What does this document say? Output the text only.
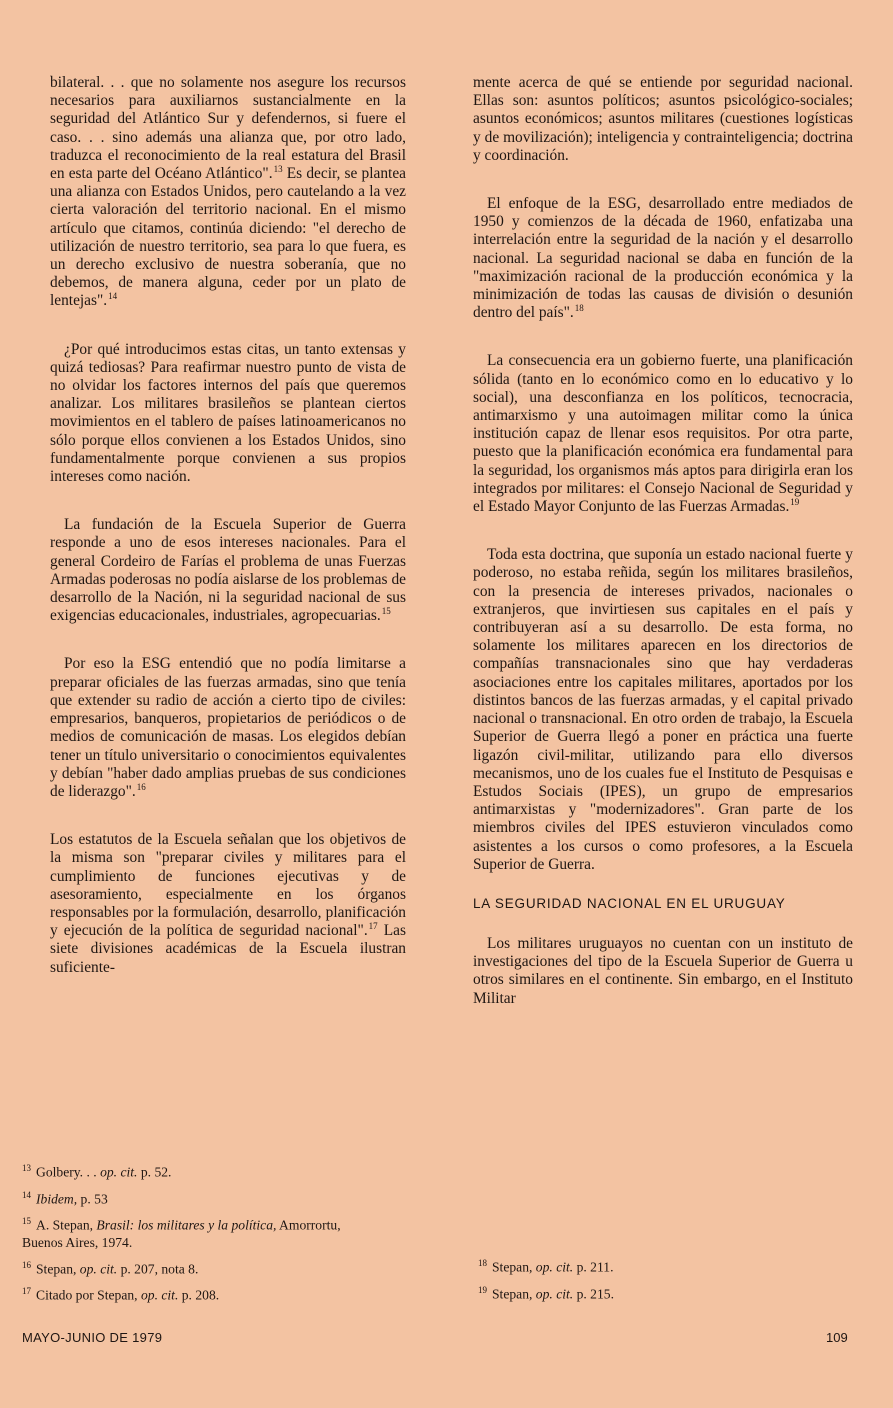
bilateral. . . que no solamente nos asegure los recursos necesarios para auxiliarnos sustancialmente en la seguridad del Atlántico Sur y defendernos, si fuere el caso. . . sino además una alianza que, por otro lado, traduzca el reconocimiento de la real estatura del Brasil en esta parte del Océano Atlántico".$^{13}$ Es decir, se plantea una alianza con Estados Unidos, pero cautelando a la vez cierta valoración del territorio nacional. En el mismo artículo que citamos, continúa diciendo: "el derecho de utilización de nuestro territorio, sea para lo que fuera, es un derecho exclusivo de nuestra soberanía, que no debemos, de manera alguna, ceder por un plato de lentejas".$^{14}$

¿Por qué introducimos estas citas, un tanto extensas y quizá tediosas? Para reafirmar nuestro punto de vista de no olvidar los factores internos del país que queremos analizar. Los militares brasileños se plantean ciertos movimientos en el tablero de países latinoamericanos no sólo porque ellos convienen a los Estados Unidos, sino fundamentalmente porque convienen a sus propios intereses como nación.

La fundación de la Escuela Superior de Guerra responde a uno de esos intereses nacionales. Para el general Cordeiro de Farías el problema de unas Fuerzas Armadas poderosas no podía aislarse de los problemas de desarrollo de la Nación, ni la seguridad nacional de sus exigencias educacionales, industriales, agropecuarias.$^{15}$

Por eso la ESG entendió que no podía limitarse a preparar oficiales de las fuerzas armadas, sino que tenía que extender su radio de acción a cierto tipo de civiles: empresarios, banqueros, propietarios de periódicos o de medios de comunicación de masas. Los elegidos debían tener un título universitario o conocimientos equivalentes y debían "haber dado amplias pruebas de sus condiciones de liderazgo".$^{16}$

Los estatutos de la Escuela señalan que los objetivos de la misma son "preparar civiles y militares para el cumplimiento de funciones ejecutivas y de asesoramiento, especialmente en los órganos responsables por la formulación, desarrollo, planificación y ejecución de la política de seguridad nacional".$^{17}$ Las siete divisiones académicas de la Escuela ilustran suficiente-

mente acerca de qué se entiende por seguridad nacional. Ellas son: asuntos políticos; asuntos psicológico-sociales; asuntos económicos; asuntos militares (cuestiones logísticas y de movilización); inteligencia y contrainteligencia; doctrina y coordinación.

El enfoque de la ESG, desarrollado entre mediados de 1950 y comienzos de la década de 1960, enfatizaba una interrelación entre la seguridad de la nación y el desarrollo nacional. La seguridad nacional se daba en función de la "maximización racional de la producción económica y la minimización de todas las causas de división o desunión dentro del país".$^{18}$

La consecuencia era un gobierno fuerte, una planificación sólida (tanto en lo económico como en lo educativo y lo social), una desconfianza en los políticos, tecnocracia, antimarxismo y una autoimagen militar como la única institución capaz de llenar esos requisitos. Por otra parte, puesto que la planificación económica era fundamental para la seguridad, los organismos más aptos para dirigirla eran los integrados por militares: el Consejo Nacional de Seguridad y el Estado Mayor Conjunto de las Fuerzas Armadas.$^{19}$

Toda esta doctrina, que suponía un estado nacional fuerte y poderoso, no estaba reñida, según los militares brasileños, con la presencia de intereses privados, nacionales o extranjeros, que invirtiesen sus capitales en el país y contribuyeran así a su desarrollo. De esta forma, no solamente los militares aparecen en los directorios de compañías transnacionales sino que hay verdaderas asociaciones entre los capitales militares, aportados por los distintos bancos de las fuerzas armadas, y el capital privado nacional o transnacional. En otro orden de trabajo, la Escuela Superior de Guerra llegó a poner en práctica una fuerte ligazón civil-militar, utilizando para ello diversos mecanismos, uno de los cuales fue el Instituto de Pesquisas e Estudos Sociais (IPES), un grupo de empresarios antimarxistas y "modernizadores". Gran parte de los miembros civiles del IPES estuvieron vinculados como asistentes a los cursos o como profesores, a la Escuela Superior de Guerra.

LA SEGURIDAD NACIONAL EN EL URUGUAY

Los militares uruguayos no cuentan con un instituto de investigaciones del tipo de la Escuela Superior de Guerra u otros similares en el continente. Sin embargo, en el Instituto Militar

$^{13}$ Golbery. . . op. cit. p. 52.
$^{14}$ Ibidem, p. 53
$^{15}$ A. Stepan, Brasil: los militares y la política, Amorrortu, Buenos Aires, 1974.
$^{16}$ Stepan, op. cit. p. 207, nota 8.
$^{17}$ Citado por Stepan, op. cit. p. 208.
$^{18}$ Stepan, op. cit. p. 211.
$^{19}$ Stepan, op. cit. p. 215.
MAYO-JUNIO DE 1979	109
